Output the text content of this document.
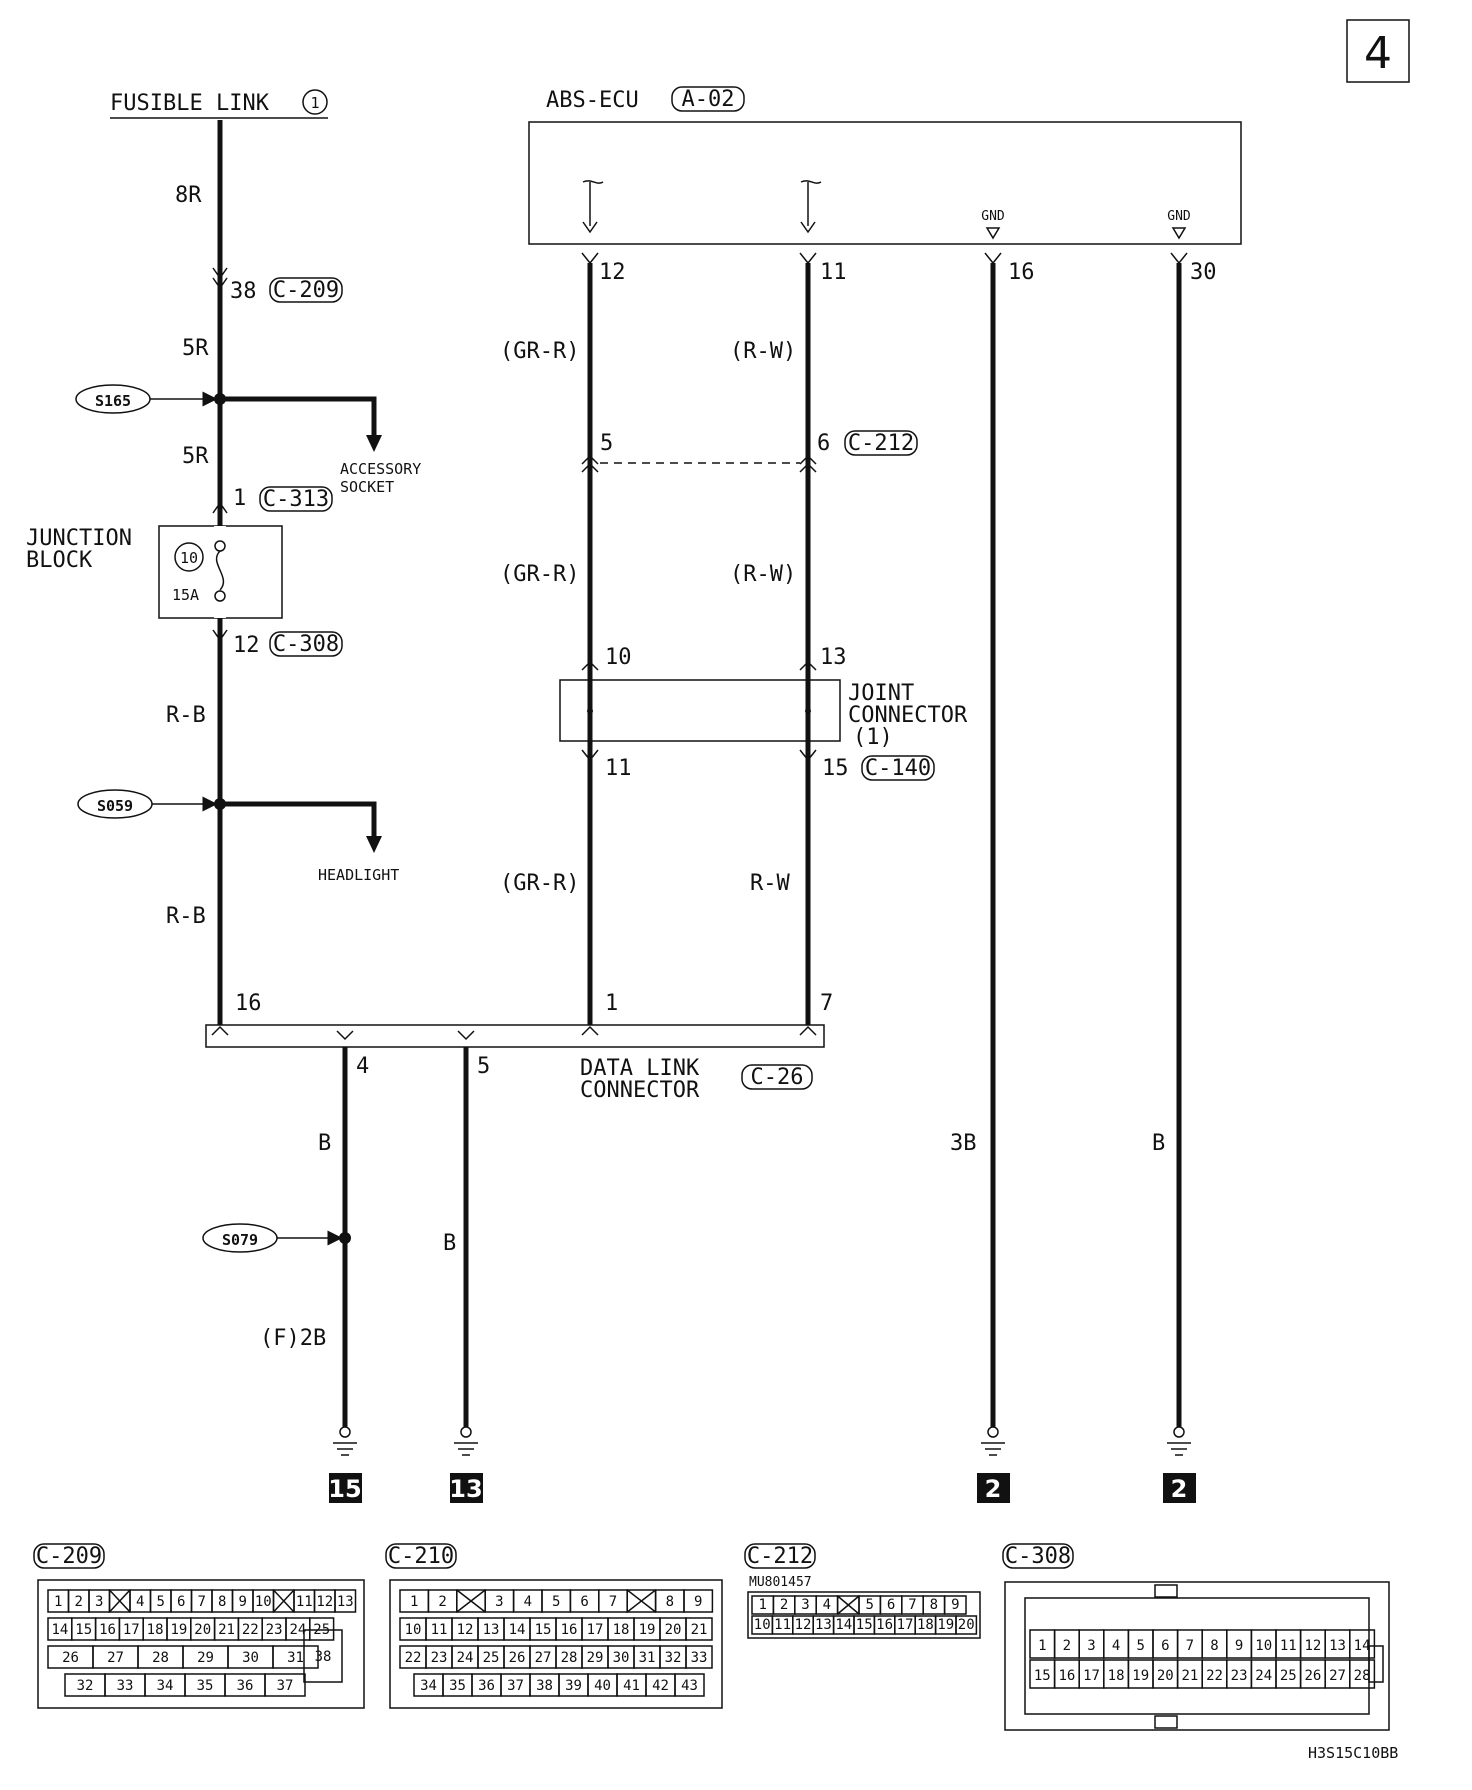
4
FUSIBLE LINK	1
8R
38 C-209
5R
S165
ACCESSORY
SOCKET
5R
1 C-313
JUNCTION
BLOCK	10
15A
12 C-308
R-B
S059
HEADLIGHT
R-B
16
ABS-ECU A-02
GND	GND
12	11	16	30
(GR-R)	(R-W)
5	6 C-212
(GR-R)	(R-W)
10	13
JOINT
CONNECTOR
(1)
11	15 C-140
(GR-R)	R-W
1	7
DATA LINK
CONNECTOR
C-26
4	5
B
B
3B	B
S079
(F)2B
15	13	2	2
C-209
1 2 3 4 5 6 7 8 9 10 11 12 13
14 15 16 17 18 19 20 21 22 23 24 25
26 27 28 29 30 31
32 33 34 35 36 37
38
C-210
1 2	3 4 5 6 7	8 9
10 11 12 13 14 15 16 17 18 19 20 21
22 23 24 25 26 27 28 29 30 31 32 33
34 35 36 37 38 39 40 41 42 43
C-212
MU801457
1 2 3 4 5 6 7 8 9
10 11 12 13 14 15 16 17 18 19 20
C-308
1 2 3 4 5 6 7 8 9 10 11 12 13 14
15 16 17 18 19 20 21 22 23 24 25 26 27 28
H3S15C10BB
